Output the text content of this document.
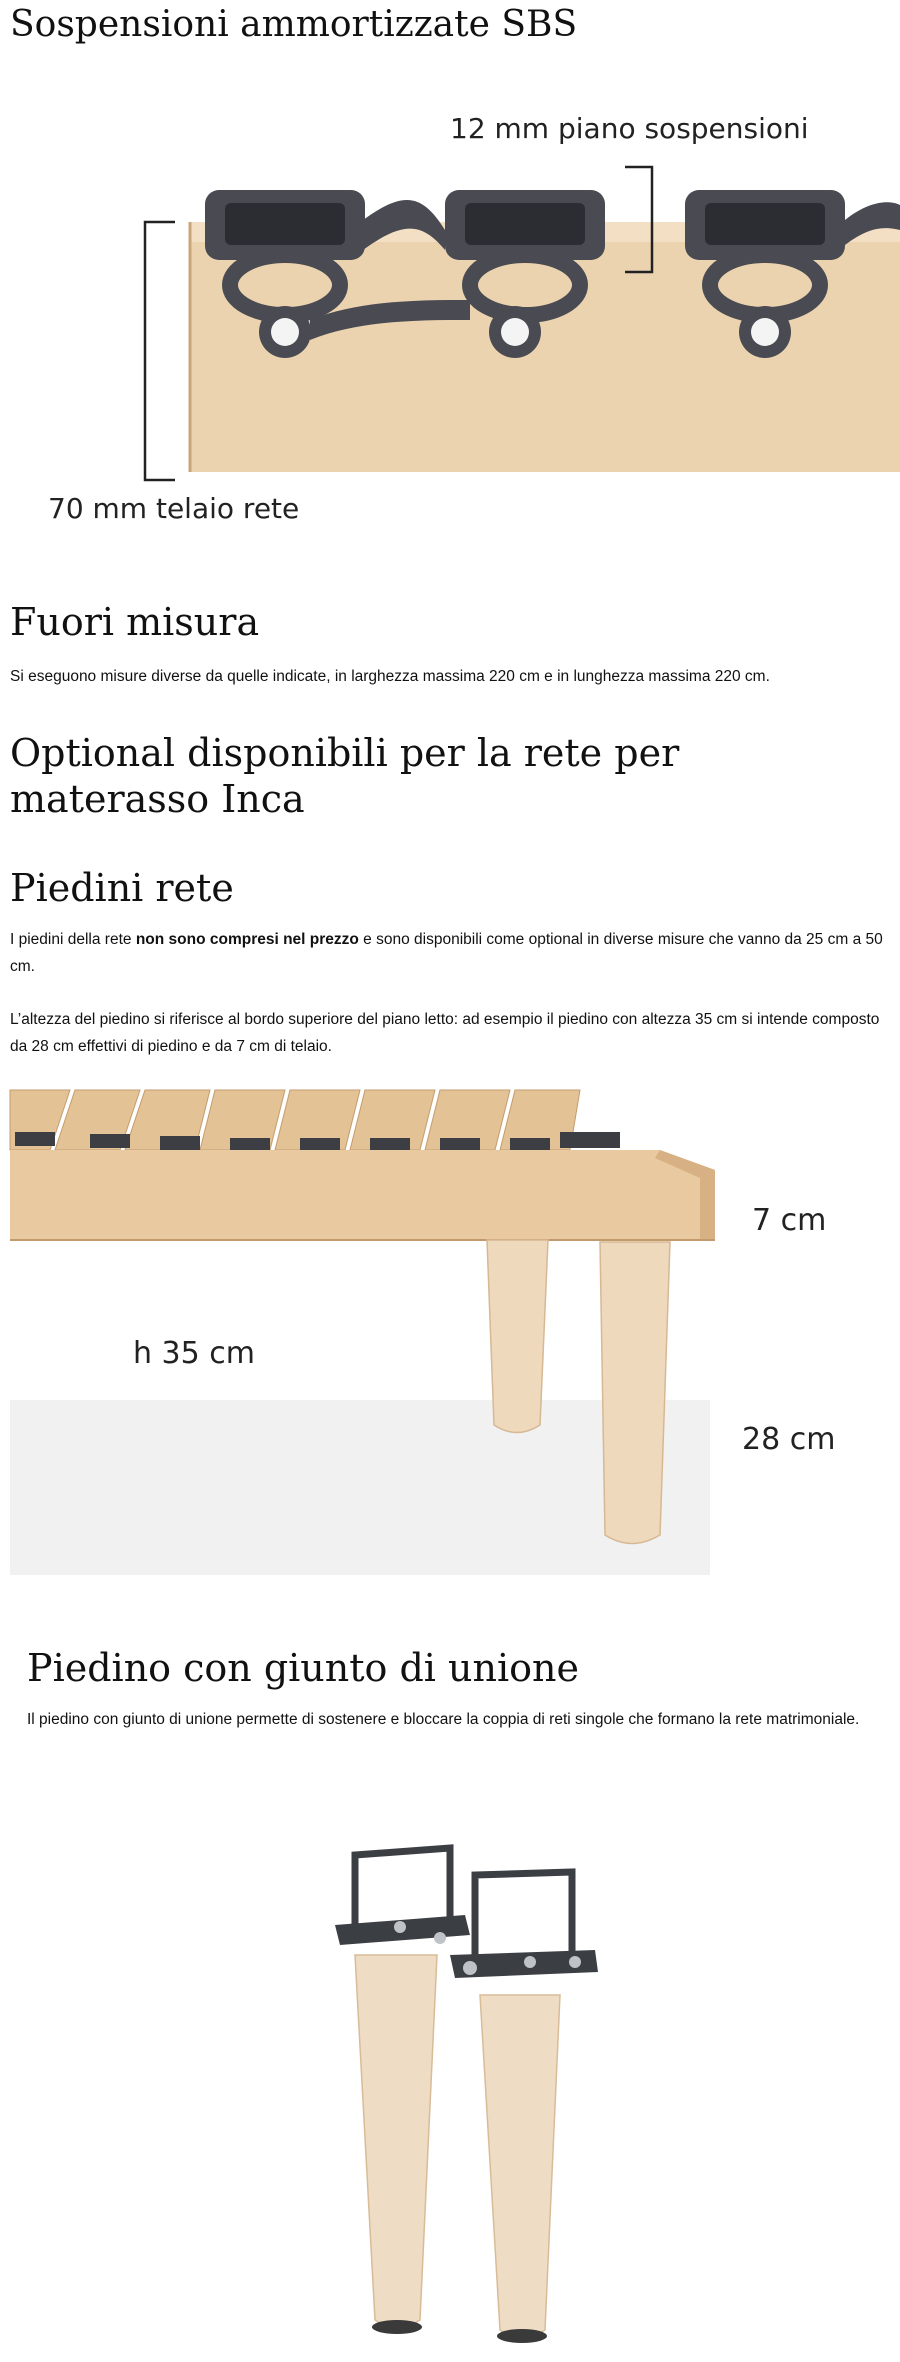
Sospensioni ammortizzate SBS
12 mm piano sospensioni
70 mm telaio rete
Fuori misura

Si eseguono misure diverse da quelle indicate, in larghezza massima 220 cm e in lunghezza massima 220 cm.

Optional disponibili per la rete per materasso Inca
Piedini rete

I piedini della rete non sono compresi nel prezzo e sono disponibili come optional in diverse misure che vanno da 25 cm a 50 cm.

L’altezza del piedino si riferisce al bordo superiore del piano letto: ad esempio il piedino con altezza 35 cm si intende composto da 28 cm effettivi di piedino e da 7 cm di telaio.

7 cm
h 35 cm
28 cm
Piedino con giunto di unione

Il piedino con giunto di unione permette di sostenere e bloccare la coppia di reti singole che formano la rete matrimoniale.
